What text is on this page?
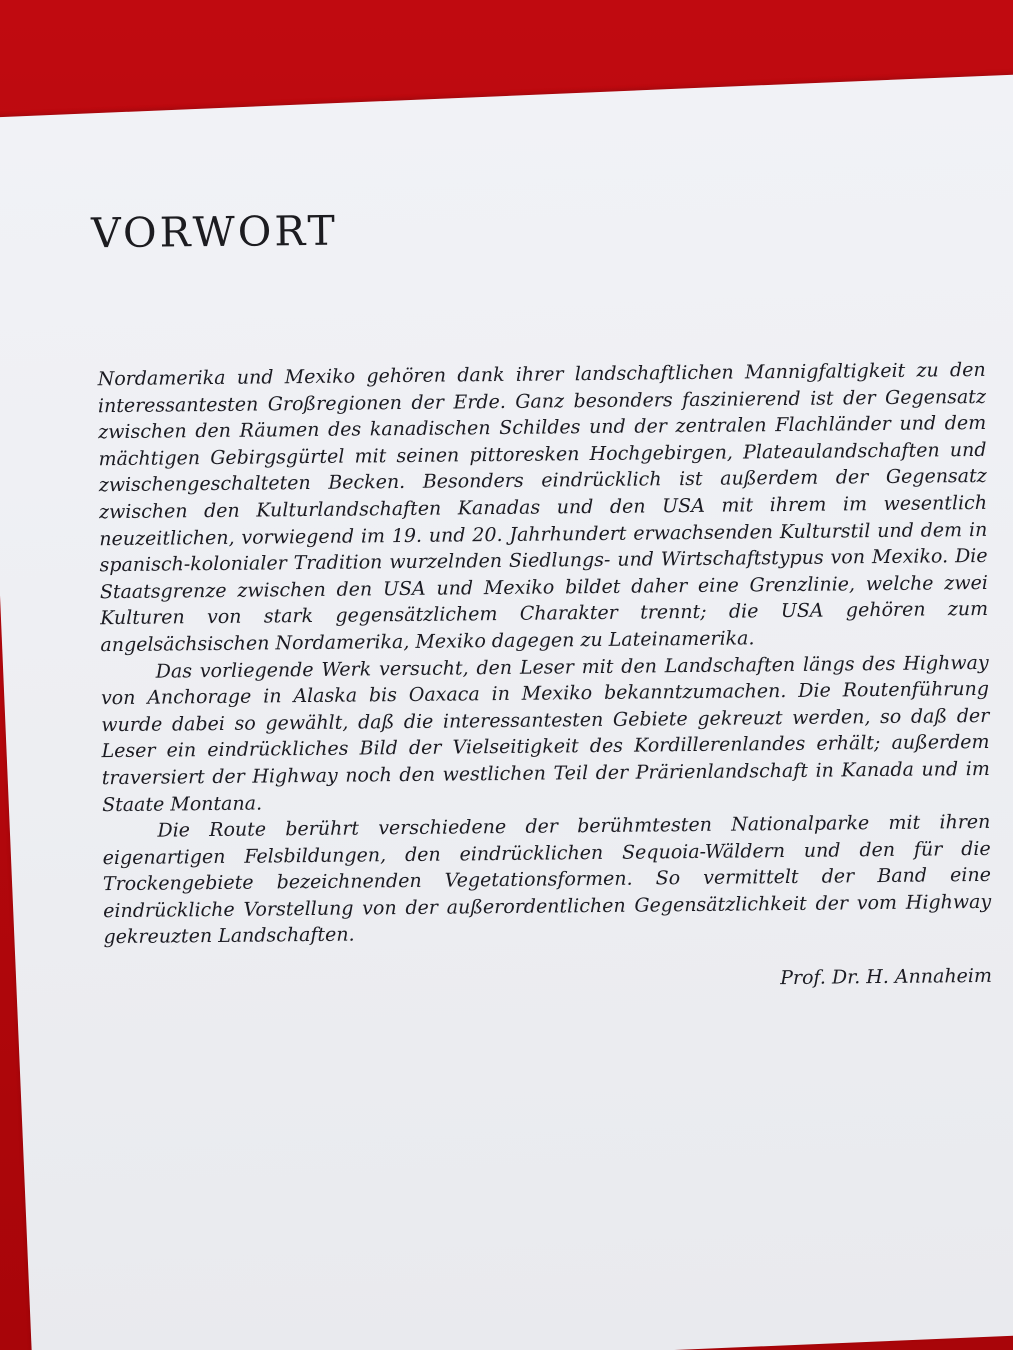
VORWORT

Nordamerika und Mexiko gehören dank ihrer landschaftlichen Mannigfaltigkeit zu den interessantesten Großregionen der Erde. Ganz besonders faszinierend ist der Gegensatz zwischen den Räumen des kanadischen Schildes und der zentralen Flachländer und dem mächtigen Gebirgsgürtel mit seinen pittoresken Hochgebirgen, Plateaulandschaften und zwischengeschalteten Becken. Besonders eindrücklich ist außerdem der Gegensatz zwischen den Kulturlandschaften Kanadas und den USA mit ihrem im wesentlich neuzeitlichen, vorwiegend im 19. und 20. Jahrhundert erwachsenden Kulturstil und dem in spanisch-kolonialer Tradition wurzelnden Siedlungs- und Wirtschaftstypus von Mexiko. Die Staatsgrenze zwischen den USA und Mexiko bildet daher eine Grenzlinie, welche zwei Kulturen von stark gegensätzlichem Charakter trennt; die USA gehören zum angelsächsischen Nordamerika, Mexiko dagegen zu Lateinamerika.

Das vorliegende Werk versucht, den Leser mit den Landschaften längs des Highway von Anchorage in Alaska bis Oaxaca in Mexiko bekanntzumachen. Die Routenführung wurde dabei so gewählt, daß die interessantesten Gebiete gekreuzt werden, so daß der Leser ein eindrückliches Bild der Vielseitigkeit des Kordillerenlandes erhält; außerdem traversiert der Highway noch den westlichen Teil der Prärienlandschaft in Kanada und im Staate Montana.

Die Route berührt verschiedene der berühmtesten Nationalparke mit ihren eigenartigen Felsbildungen, den eindrücklichen Sequoia-Wäldern und den für die Trockengebiete bezeichnenden Vegetationsformen. So vermittelt der Band eine eindrückliche Vorstellung von der außerordentlichen Gegensätzlichkeit der vom Highway gekreuzten Landschaften.

Prof. Dr. H. Annaheim
